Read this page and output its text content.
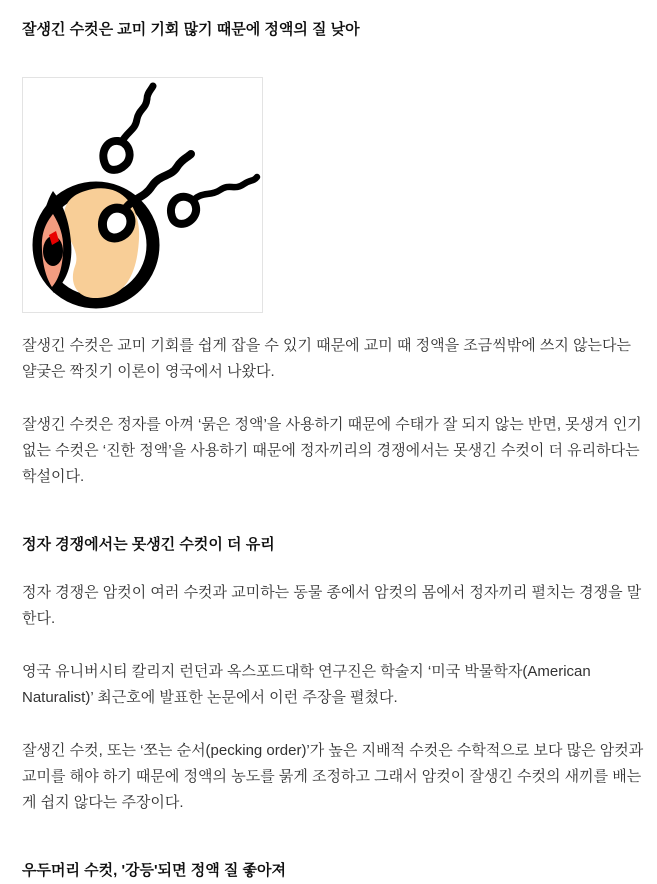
잘생긴 수컷은 교미 기회 많기 때문에 정액의 질 낮아

잘생긴 수컷은 교미 기회를 쉽게 잡을 수 있기 때문에 교미 때 정액을 조금씩밖에 쓰지 않는다는 얄궂은 짝짓기 이론이 영국에서 나왔다.

잘생긴 수컷은 정자를 아껴 ‘묽은 정액’을 사용하기 때문에 수태가 잘 되지 않는 반면, 못생겨 인기 없는 수컷은 ‘진한 정액’을 사용하기 때문에 정자끼리의 경쟁에서는 못생긴 수컷이 더 유리하다는 학설이다.

정자 경쟁에서는 못생긴 수컷이 더 유리

정자 경쟁은 암컷이 여러 수컷과 교미하는 동물 종에서 암컷의 몸에서 정자끼리 펼치는 경쟁을 말한다.

영국 유니버시티 칼리지 런던과 옥스포드대학 연구진은 학술지 ‘미국 박물학자(American Naturalist)’ 최근호에 발표한 논문에서 이런 주장을 펼쳤다.

잘생긴 수컷, 또는 ‘쪼는 순서(pecking order)’가 높은 지배적 수컷은 수학적으로 보다 많은 암컷과 교미를 해야 하기 때문에 정액의 농도를 묽게 조정하고 그래서 암컷이 잘생긴 수컷의 새끼를 배는 게 쉽지 않다는 주장이다.

우두머리 수컷, '강등'되면 정액 질 좋아져
